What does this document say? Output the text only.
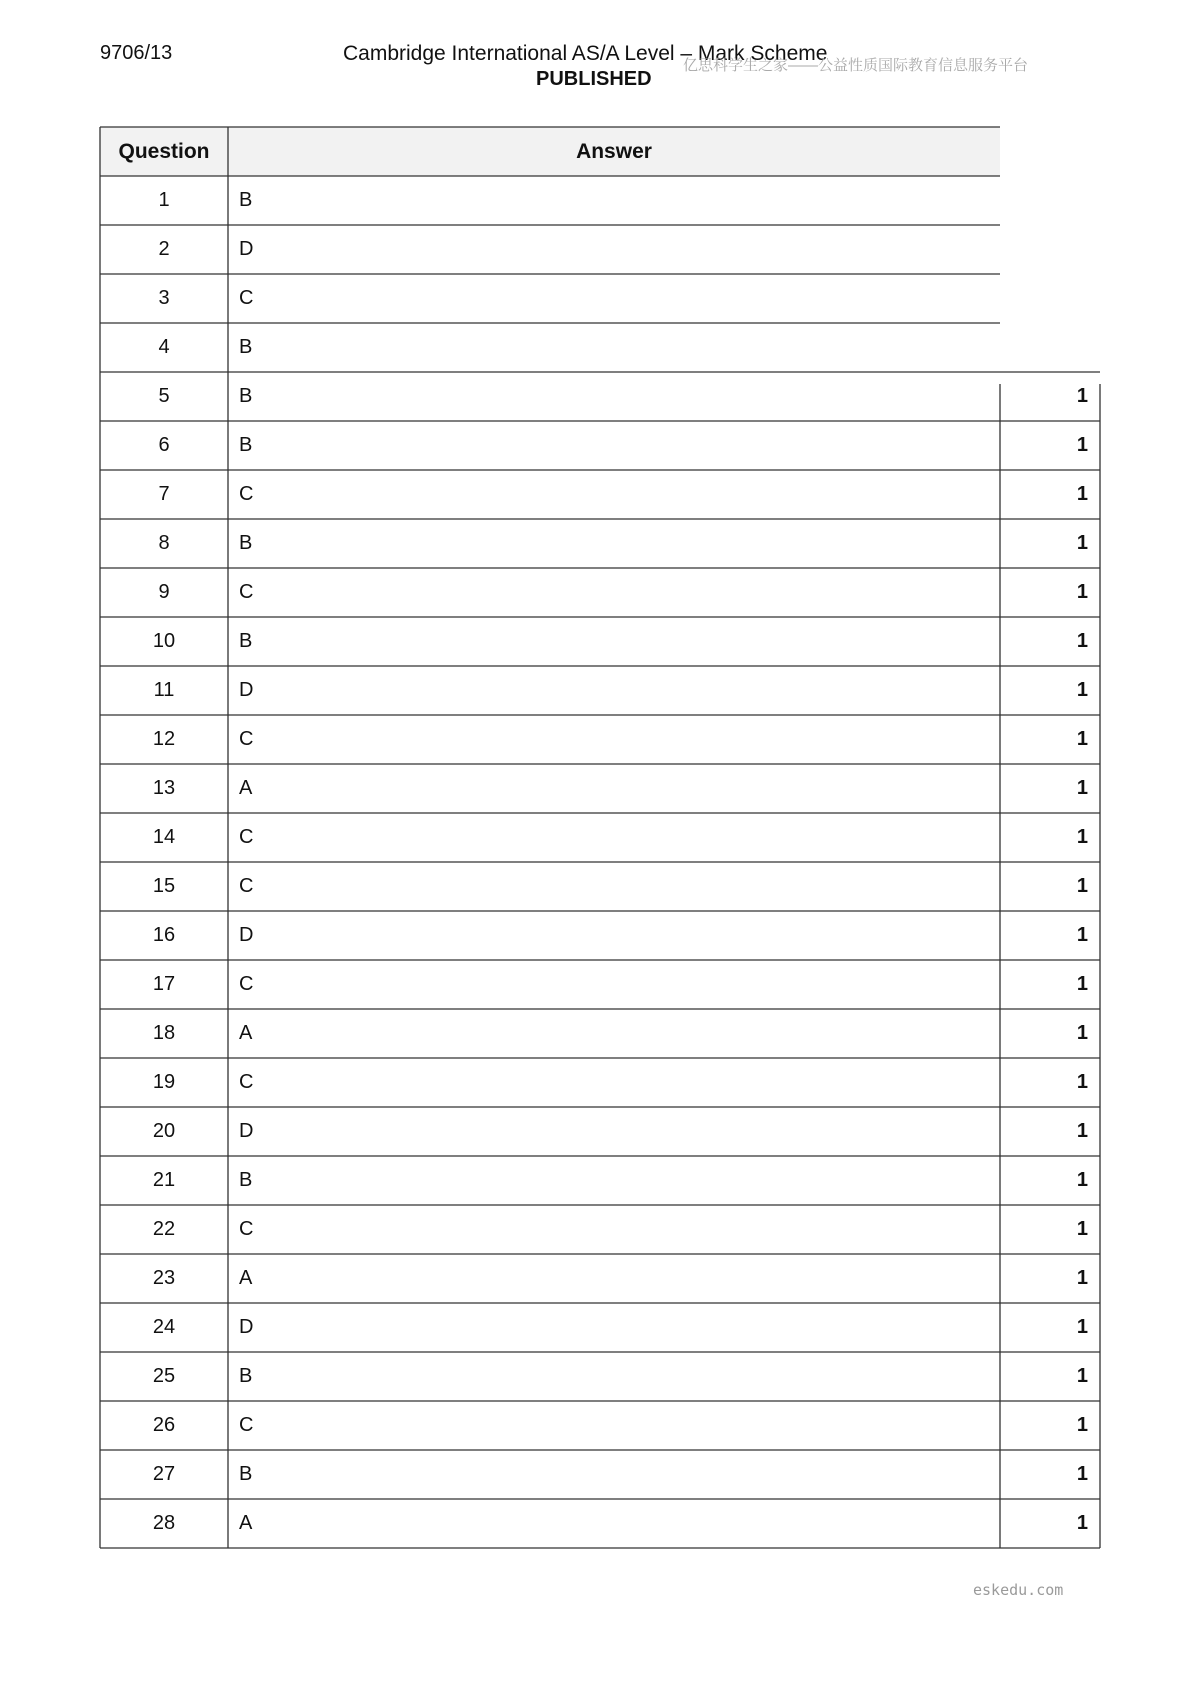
9706/13	Cambridge International AS/A Level – Mark Scheme
PUBLISHED
亿思科学生之家——公益性质国际教育信息服务平台
Question	Answer
1	B
2	D
3	C
4	B
5	B	1
6	B	1
7	C	1
8	B	1
9	C	1
10	B	1
11	D	1
12	C	1
13	A	1
14	C	1
15	C	1
16	D	1
17	C	1
18	A	1
19	C	1
20	D	1
21	B	1
22	C	1
23	A	1
24	D	1
25	B	1
26	C	1
27	B	1
28	A	1
eskedu.com
